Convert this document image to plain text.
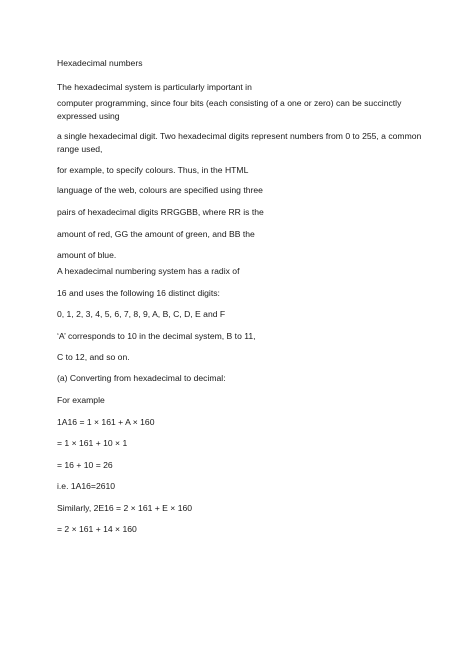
Hexadecimal numbers
The hexadecimal system is particularly important in
computer programming, since four bits (each consisting of a one or zero) can be succinctly expressed using
a single hexadecimal digit. Two hexadecimal digits represent numbers from 0 to 255, a common range used,
for example, to specify colours. Thus, in the HTML
language of the web, colours are specified using three
pairs of hexadecimal digits RRGGBB, where RR is the
amount of red, GG the amount of green, and BB the
amount of blue.
A hexadecimal numbering system has a radix of
16 and uses the following 16 distinct digits:
0, 1, 2, 3, 4, 5, 6, 7, 8, 9, A, B, C, D, E and F
‘A’ corresponds to 10 in the decimal system, B to 11,
C to 12, and so on.
(a) Converting from hexadecimal to decimal:
For example
1A16 = 1 × 161 + A × 160
= 1 × 161 + 10 × 1
= 16 + 10 = 26
i.e. 1A16=2610
Similarly, 2E16 = 2 × 161 + E × 160
= 2 × 161 + 14 × 160
